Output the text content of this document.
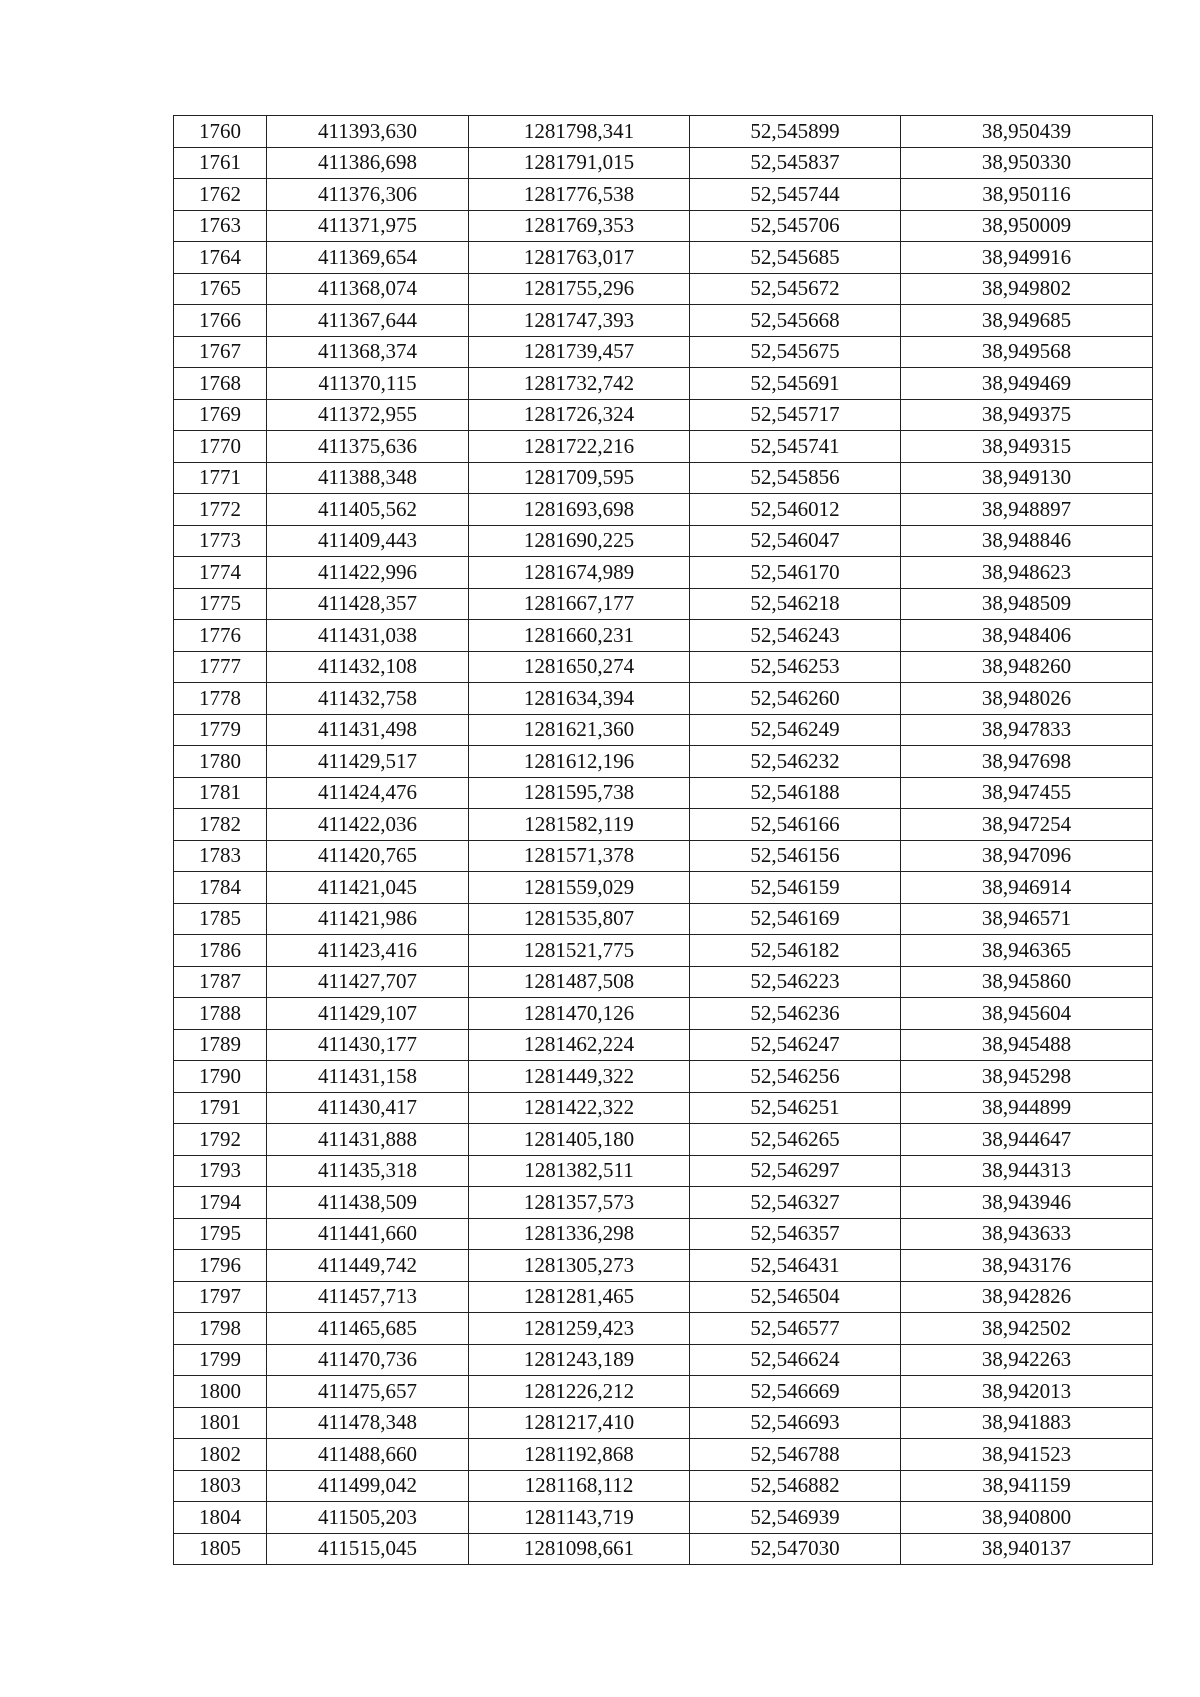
1760	411393,630	1281798,341	52,545899	38,950439
1761	411386,698	1281791,015	52,545837	38,950330
1762	411376,306	1281776,538	52,545744	38,950116
1763	411371,975	1281769,353	52,545706	38,950009
1764	411369,654	1281763,017	52,545685	38,949916
1765	411368,074	1281755,296	52,545672	38,949802
1766	411367,644	1281747,393	52,545668	38,949685
1767	411368,374	1281739,457	52,545675	38,949568
1768	411370,115	1281732,742	52,545691	38,949469
1769	411372,955	1281726,324	52,545717	38,949375
1770	411375,636	1281722,216	52,545741	38,949315
1771	411388,348	1281709,595	52,545856	38,949130
1772	411405,562	1281693,698	52,546012	38,948897
1773	411409,443	1281690,225	52,546047	38,948846
1774	411422,996	1281674,989	52,546170	38,948623
1775	411428,357	1281667,177	52,546218	38,948509
1776	411431,038	1281660,231	52,546243	38,948406
1777	411432,108	1281650,274	52,546253	38,948260
1778	411432,758	1281634,394	52,546260	38,948026
1779	411431,498	1281621,360	52,546249	38,947833
1780	411429,517	1281612,196	52,546232	38,947698
1781	411424,476	1281595,738	52,546188	38,947455
1782	411422,036	1281582,119	52,546166	38,947254
1783	411420,765	1281571,378	52,546156	38,947096
1784	411421,045	1281559,029	52,546159	38,946914
1785	411421,986	1281535,807	52,546169	38,946571
1786	411423,416	1281521,775	52,546182	38,946365
1787	411427,707	1281487,508	52,546223	38,945860
1788	411429,107	1281470,126	52,546236	38,945604
1789	411430,177	1281462,224	52,546247	38,945488
1790	411431,158	1281449,322	52,546256	38,945298
1791	411430,417	1281422,322	52,546251	38,944899
1792	411431,888	1281405,180	52,546265	38,944647
1793	411435,318	1281382,511	52,546297	38,944313
1794	411438,509	1281357,573	52,546327	38,943946
1795	411441,660	1281336,298	52,546357	38,943633
1796	411449,742	1281305,273	52,546431	38,943176
1797	411457,713	1281281,465	52,546504	38,942826
1798	411465,685	1281259,423	52,546577	38,942502
1799	411470,736	1281243,189	52,546624	38,942263
1800	411475,657	1281226,212	52,546669	38,942013
1801	411478,348	1281217,410	52,546693	38,941883
1802	411488,660	1281192,868	52,546788	38,941523
1803	411499,042	1281168,112	52,546882	38,941159
1804	411505,203	1281143,719	52,546939	38,940800
1805	411515,045	1281098,661	52,547030	38,940137
